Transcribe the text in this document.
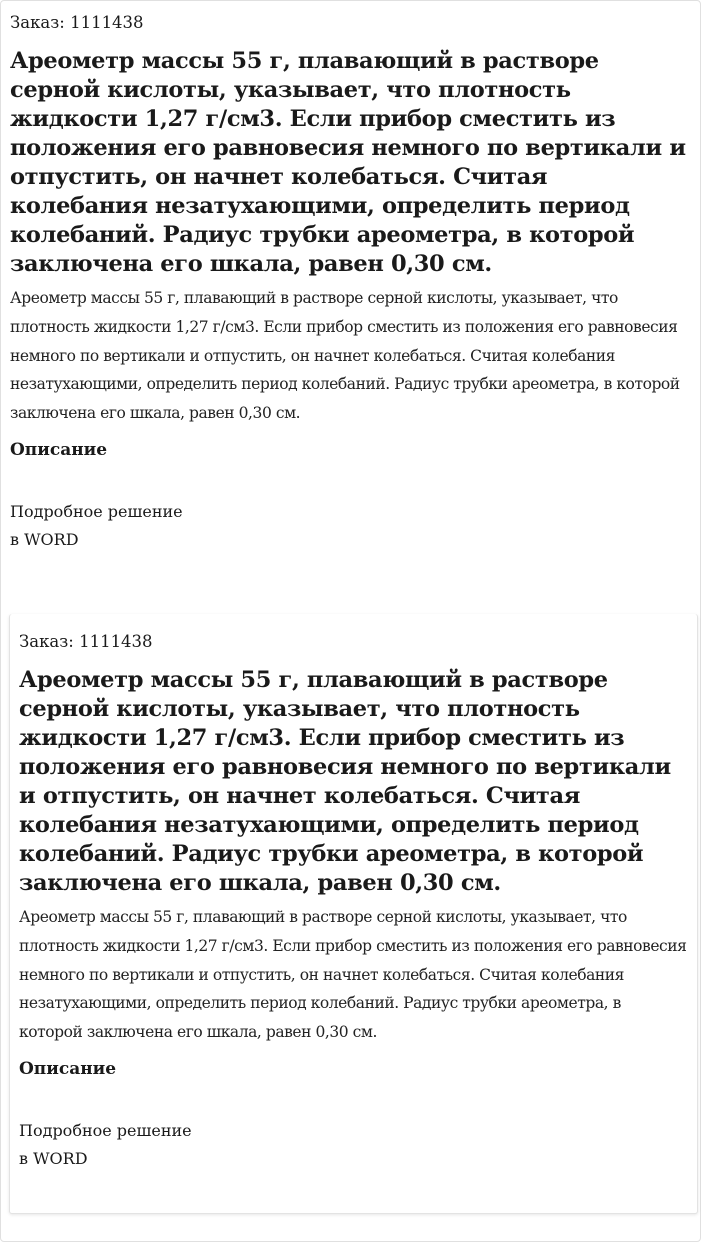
Заказ: 1111438
Ареометр массы 55 г, плавающий в растворе серной кислоты, указывает, что плотность жидкости 1,27 г/см3. Если прибор сместить из положения его равновесия немного по вертикали и отпустить, он начнет колебаться. Считая колебания незатухающими, определить период колебаний. Радиус трубки ареометра, в которой заключена его шкала, равен 0,30 см.

Ареометр массы 55 г, плавающий в растворе серной кислоты, указывает, что плотность жидкости 1,27 г/см3. Если прибор сместить из положения его равновесия немного по вертикали и отпустить, он начнет колебаться. Считая колебания незатухающими, определить период колебаний. Радиус трубки ареометра, в которой заключена его шкала, равен 0,30 см.

Описание

Подробное решение в WORD

Заказ: 1111438
Ареометр массы 55 г, плавающий в растворе серной кислоты, указывает, что плотность жидкости 1,27 г/см3. Если прибор сместить из положения его равновесия немного по вертикали и отпустить, он начнет колебаться. Считая колебания незатухающими, определить период колебаний. Радиус трубки ареометра, в которой заключена его шкала, равен 0,30 см.

Ареометр массы 55 г, плавающий в растворе серной кислоты, указывает, что плотность жидкости 1,27 г/см3. Если прибор сместить из положения его равновесия немного по вертикали и отпустить, он начнет колебаться. Считая колебания незатухающими, определить период колебаний. Радиус трубки ареометра, в которой заключена его шкала, равен 0,30 см.

Описание

Подробное решение в WORD
